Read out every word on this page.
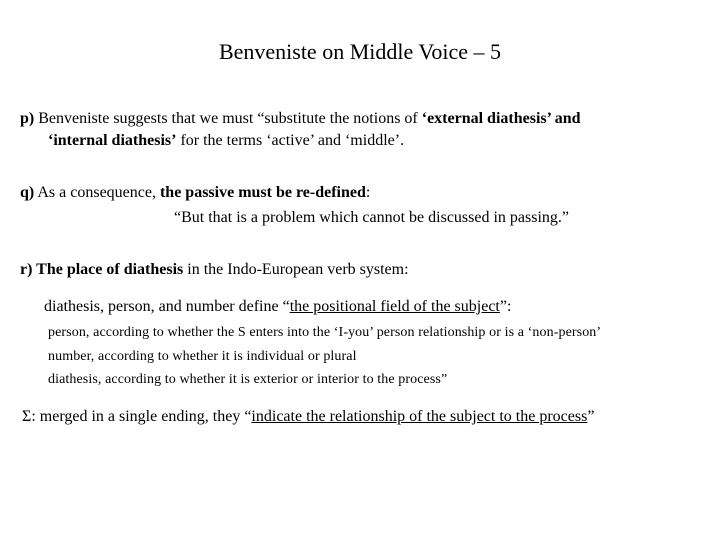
Benveniste on Middle Voice – 5
p) Benveniste suggests that we must “substitute the notions of ‘external diathesis’ and
‘internal diathesis’ for the terms ‘active’ and ‘middle’.
q) As a consequence, the passive must be re-defined:
“But that is a problem which cannot be discussed in passing.”
r) The place of diathesis in the Indo-European verb system:
diathesis, person, and number define “the positional field of the subject”:
person, according to whether the S enters into the ‘I-you’ person relationship or is a ‘non-person’
number, according to whether it is individual or plural
diathesis, according to whether it is exterior or interior to the process”
Σ: merged in a single ending, they “indicate the relationship of the subject to the process”
